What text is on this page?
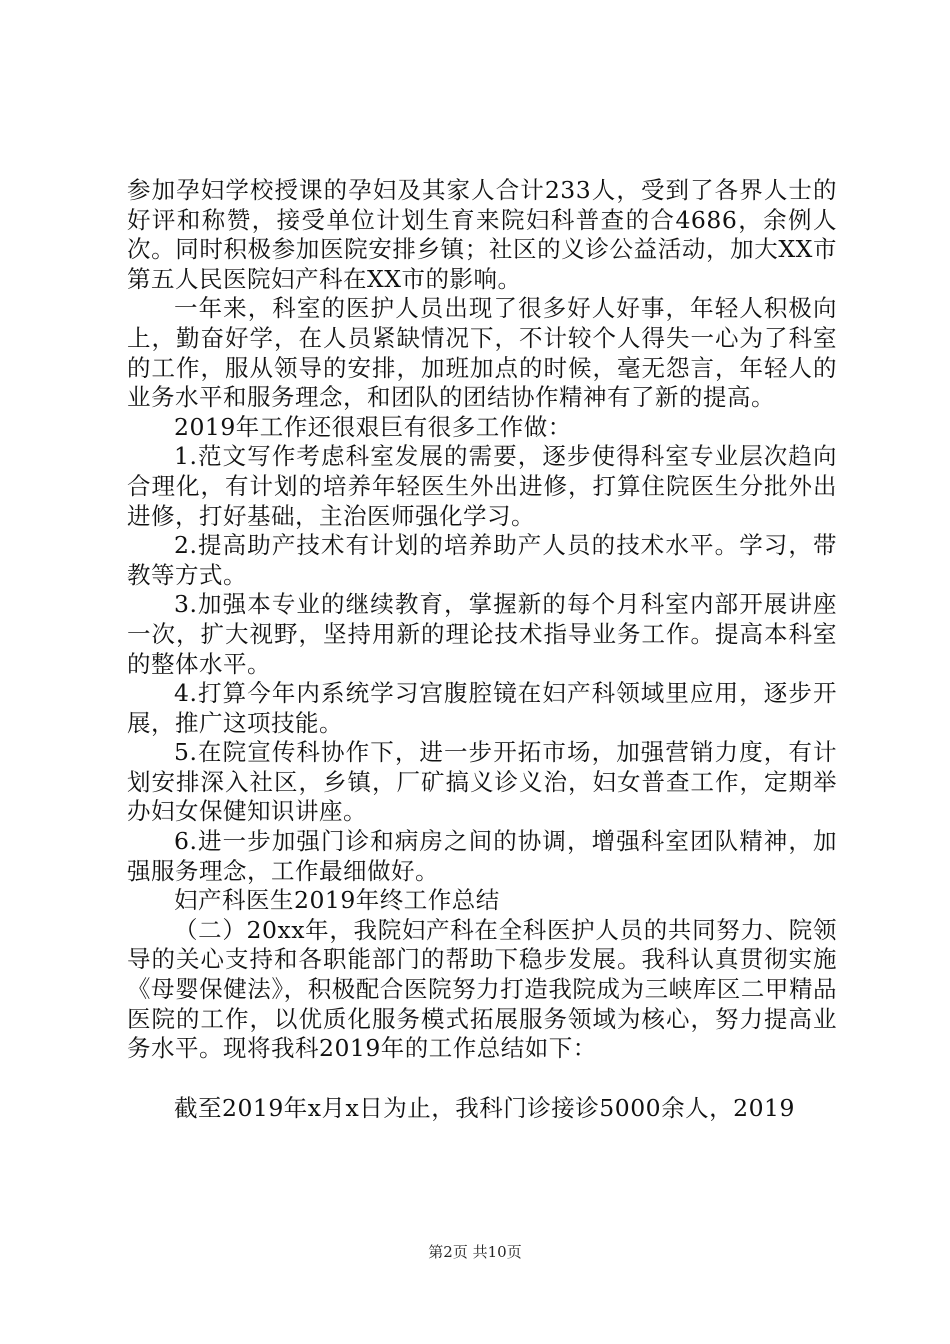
参加孕妇学校授课的孕妇及其家人合计233人，受到了各界人士的好评和称赞，接受单位计划生育来院妇科普查的合4686，余例人次。同时积极参加医院安排乡镇；社区的义诊公益活动，加大XX市第五人民医院妇产科在XX市的影响。

一年来，科室的医护人员出现了很多好人好事，年轻人积极向上，勤奋好学，在人员紧缺情况下，不计较个人得失一心为了科室的工作，服从领导的安排，加班加点的时候，毫无怨言，年轻人的业务水平和服务理念，和团队的团结协作精神有了新的提高。

2019年工作还很艰巨有很多工作做：

1.范文写作考虑科室发展的需要，逐步使得科室专业层次趋向合理化，有计划的培养年轻医生外出进修，打算住院医生分批外出进修，打好基础，主治医师强化学习。

2.提高助产技术有计划的培养助产人员的技术水平。学习，带教等方式。

3.加强本专业的继续教育，掌握新的每个月科室内部开展讲座一次，扩大视野，坚持用新的理论技术指导业务工作。提高本科室的整体水平。

4.打算今年内系统学习宫腹腔镜在妇产科领域里应用，逐步开展，推广这项技能。

5.在院宣传科协作下，进一步开拓市场，加强营销力度，有计划安排深入社区，乡镇，厂矿搞义诊义治，妇女普查工作，定期举办妇女保健知识讲座。

6.进一步加强门诊和病房之间的协调，增强科室团队精神，加强服务理念，工作最细做好。

妇产科医生2019年终工作总结

（二）20xx年，我院妇产科在全科医护人员的共同努力、院领导的关心支持和各职能部门的帮助下稳步发展。我科认真贯彻实施《母婴保健法》，积极配合医院努力打造我院成为三峡库区二甲精品医院的工作，以优质化服务模式拓展服务领域为核心，努力提高业务水平。现将我科2019年的工作总结如下：

截至2019年x月x日为止，我科门诊接诊5000余人，2019

第2页 共10页
